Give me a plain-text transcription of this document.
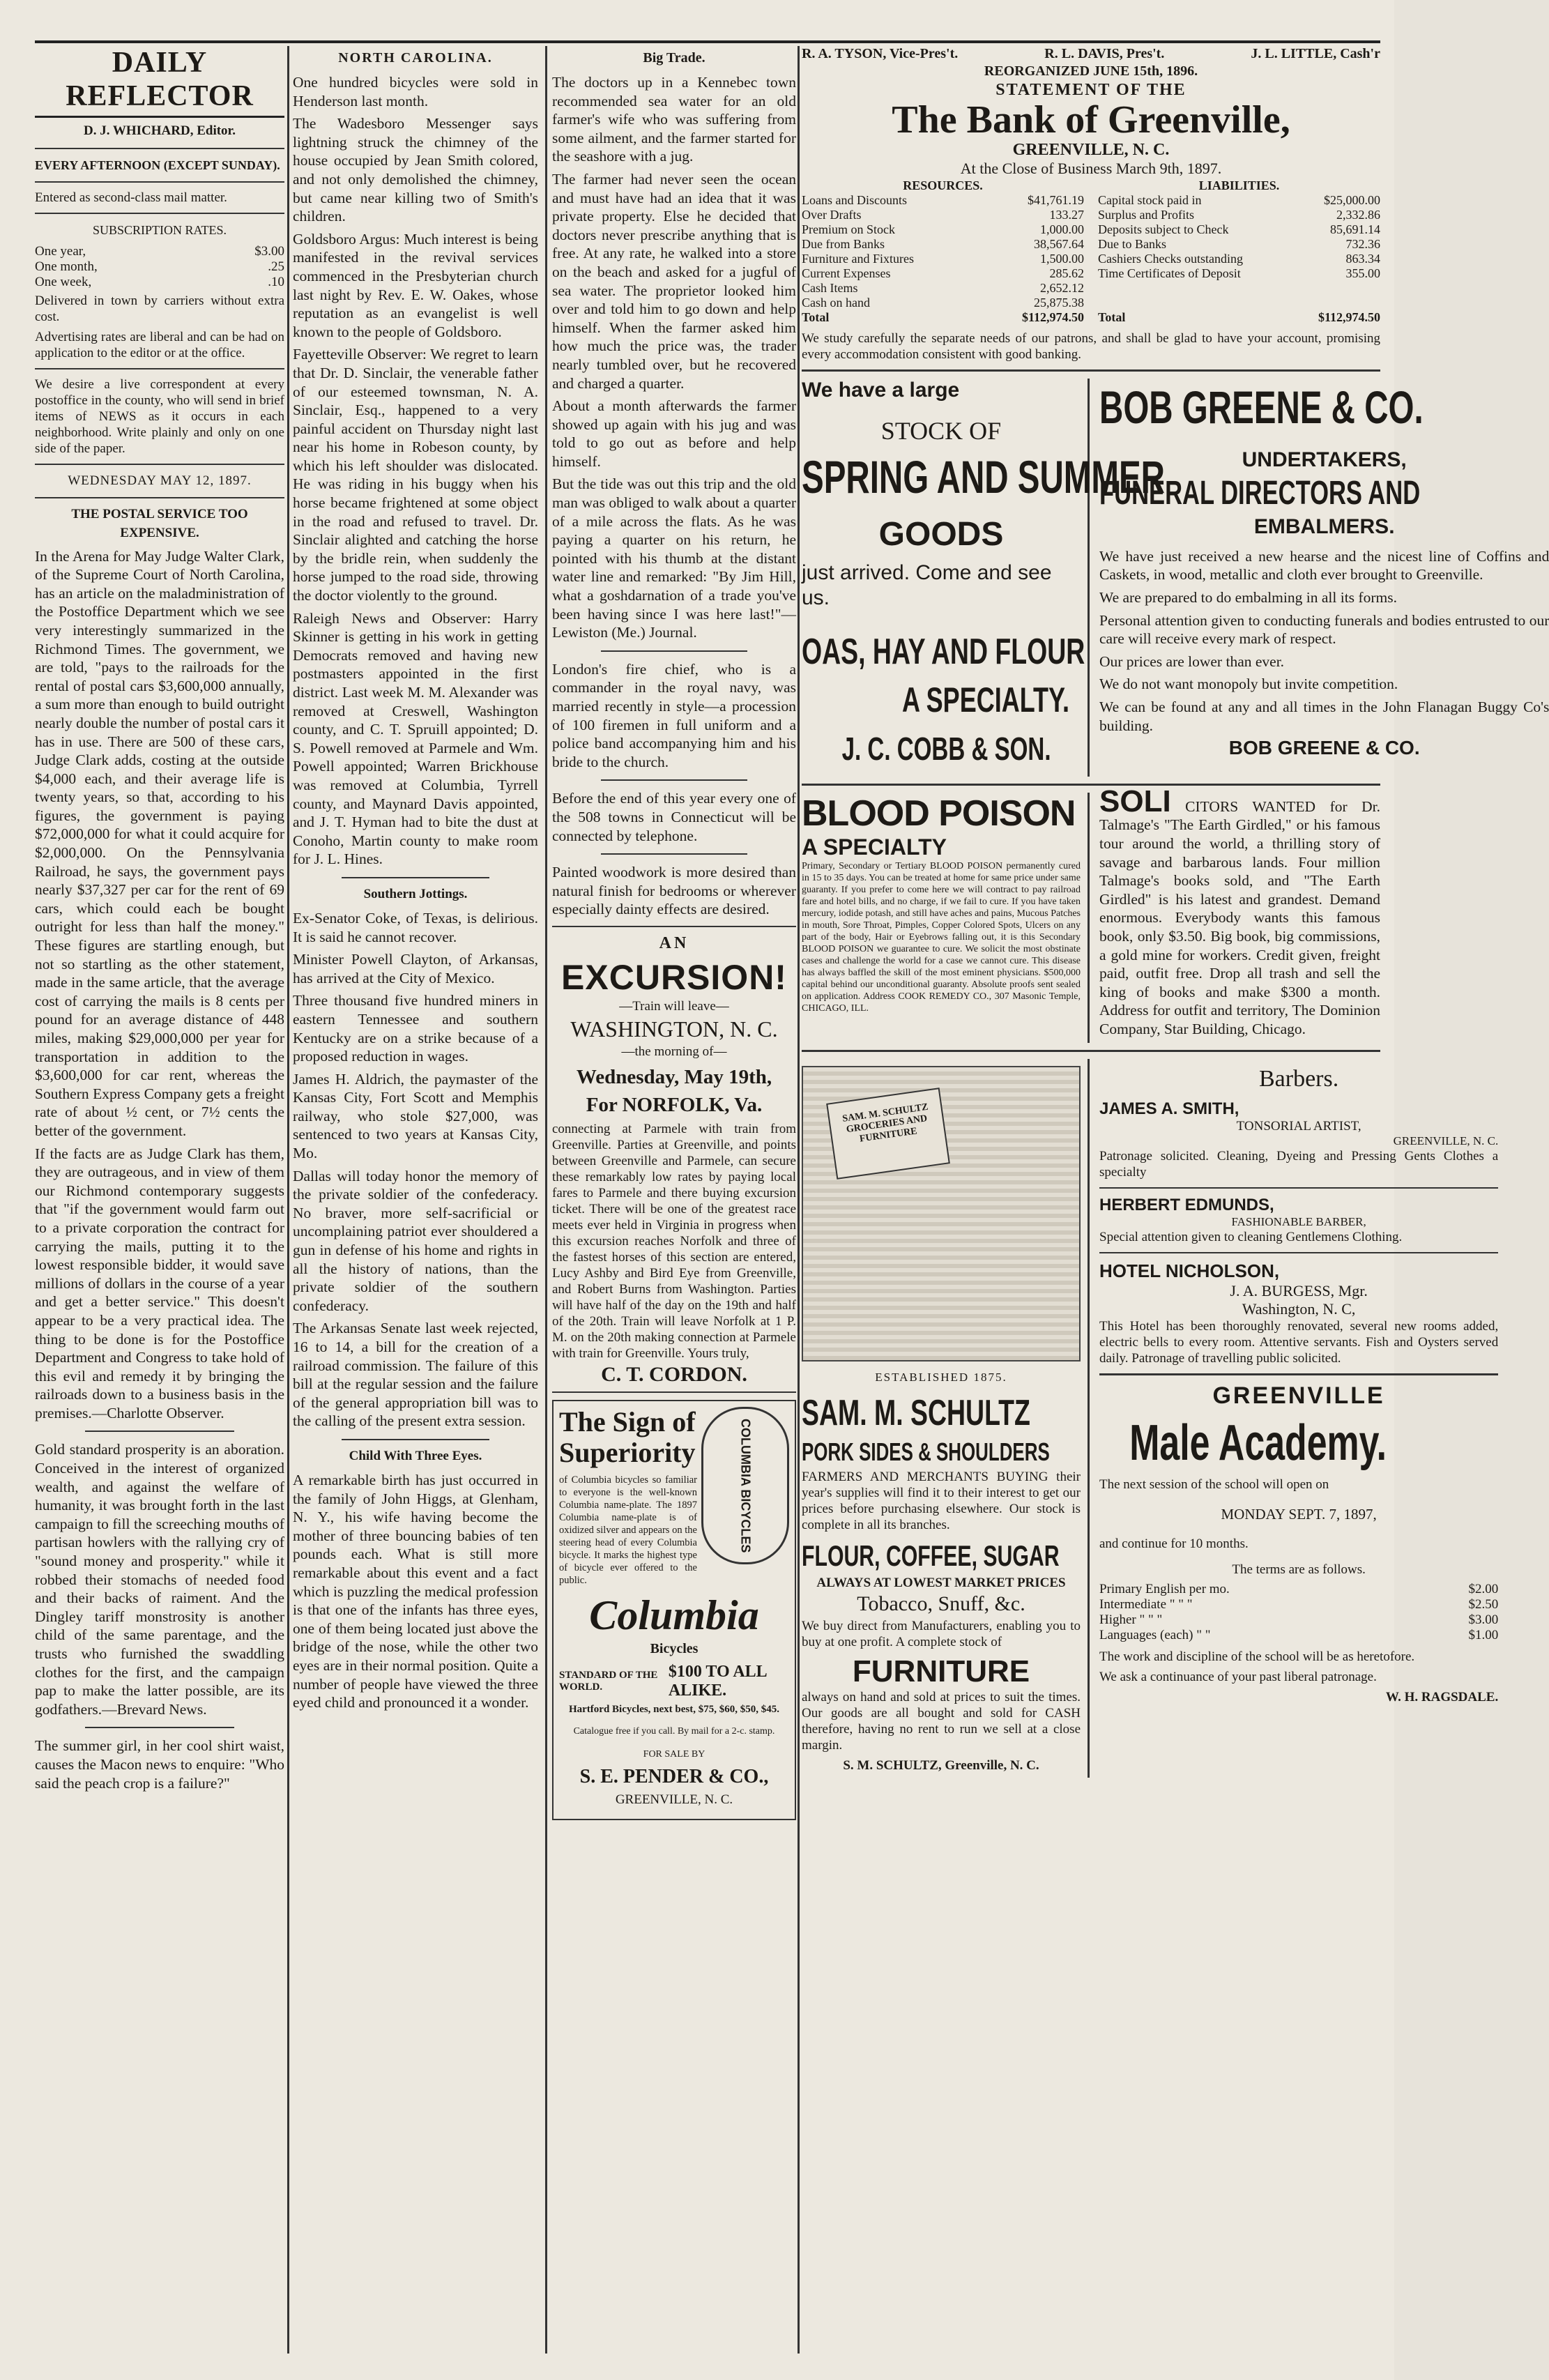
DAILY REFLECTOR

D. J. WHICHARD, Editor.

EVERY AFTERNOON (EXCEPT SUNDAY).

Entered as second-class mail matter.

SUBSCRIPTION RATES.

One year,	$3.00
One month,	.25
One week,	.10

Delivered in town by carriers without extra cost.

Advertising rates are liberal and can be had on application to the editor or at the office.

We desire a live correspondent at every postoffice in the county, who will send in brief items of NEWS as it occurs in each neighborhood. Write plainly and only on one side of the paper.

WEDNESDAY MAY 12, 1897.

THE POSTAL SERVICE TOO EXPENSIVE.

In the Arena for May Judge Walter Clark, of the Supreme Court of North Carolina, has an article on the maladministration of the Postoffice Department which we see very interestingly summarized in the Richmond Times. The government, we are told, "pays to the railroads for the rental of postal cars $3,600,000 annually, a sum more than enough to build outright nearly double the number of postal cars it has in use. There are 500 of these cars, Judge Clark adds, costing at the outside $4,000 each, and their average life is twenty years, so that, according to his figures, the government is paying $72,000,000 for what it could acquire for $2,000,000. On the Pennsylvania Railroad, he says, the government pays nearly $37,327 per car for the rent of 69 cars, which could each be bought outright for less than half the money." These figures are startling enough, but not so startling as the other statement, made in the same article, that the average cost of carrying the mails is 8 cents per pound for an average distance of 448 miles, making $29,000,000 per year for transportation in addition to the $3,600,000 for car rent, whereas the Southern Express Company gets a freight rate of about ½ cent, or 7½ cents the better of the government.

If the facts are as Judge Clark has them, they are outrageous, and in view of them our Richmond contemporary suggests that "if the government would farm out to a private corporation the contract for carrying the mails, putting it to the lowest responsible bidder, it would save millions of dollars in the course of a year and get a better service." This doesn't appear to be a very practical idea. The thing to be done is for the Postoffice Department and Congress to take hold of this evil and remedy it by bringing the railroads down to a business basis in the premises.—Charlotte Observer.

Gold standard prosperity is an aboration. Conceived in the interest of organized wealth, and against the welfare of humanity, it was brought forth in the last campaign to fill the screeching mouths of partisan howlers with the rallying cry of "sound money and prosperity." while it robbed their stomachs of needed food and their backs of raiment. And the Dingley tariff monstrosity is another child of the same parentage, and the trusts who furnished the swaddling clothes for the first, and the campaign pap to make the latter possible, are its godfathers.—Brevard News.

The summer girl, in her cool shirt waist, causes the Macon news to enquire: "Who said the peach crop is a failure?"

NORTH CAROLINA.

One hundred bicycles were sold in Henderson last month.

The Wadesboro Messenger says lightning struck the chimney of the house occupied by Jean Smith colored, and not only demolished the chimney, but came near killing two of Smith's children.

Goldsboro Argus: Much interest is being manifested in the revival services commenced in the Presbyterian church last night by Rev. E. W. Oakes, whose reputation as an evangelist is well known to the people of Goldsboro.

Fayetteville Observer: We regret to learn that Dr. D. Sinclair, the venerable father of our esteemed townsman, N. A. Sinclair, Esq., happened to a very painful accident on Thursday night last near his home in Robeson county, by which his left shoulder was dislocated. He was riding in his buggy when his horse became frightened at some object in the road and refused to travel. Dr. Sinclair alighted and catching the horse by the bridle rein, when suddenly the horse jumped to the road side, throwing the doctor violently to the ground.

Raleigh News and Observer: Harry Skinner is getting in his work in getting Democrats removed and having new postmasters appointed in the first district. Last week M. M. Alexander was removed at Creswell, Washington county, and C. T. Spruill appointed; D. S. Powell removed at Parmele and Wm. Powell appointed; Warren Brickhouse was removed at Columbia, Tyrrell county, and Maynard Davis appointed, and J. T. Hyman had to bite the dust at Conoho, Martin county to make room for J. L. Hines.

Southern Jottings.

Ex-Senator Coke, of Texas, is delirious. It is said he cannot recover.

Minister Powell Clayton, of Arkansas, has arrived at the City of Mexico.

Three thousand five hundred miners in eastern Tennessee and southern Kentucky are on a strike because of a proposed reduction in wages.

James H. Aldrich, the paymaster of the Kansas City, Fort Scott and Memphis railway, who stole $27,000, was sentenced to two years at Kansas City, Mo.

Dallas will today honor the memory of the private soldier of the confederacy. No braver, more self-sacrificial or uncomplaining patriot ever shouldered a gun in defense of his home and rights in all the history of nations, than the private soldier of the southern confederacy.

The Arkansas Senate last week rejected, 16 to 14, a bill for the creation of a railroad commission. The failure of this bill at the regular session and the failure of the general appropriation bill was to the calling of the present extra session.

Child With Three Eyes.

A remarkable birth has just occurred in the family of John Higgs, at Glenham, N. Y., his wife having become the mother of three bouncing babies of ten pounds each. What is still more remarkable about this event and a fact which is puzzling the medical profession is that one of the infants has three eyes, one of them being located just above the bridge of the nose, while the other two eyes are in their normal position. Quite a number of people have viewed the three eyed child and pronounced it a wonder.

Big Trade.

The doctors up in a Kennebec town recommended sea water for an old farmer's wife who was suffering from some ailment, and the farmer started for the seashore with a jug.

The farmer had never seen the ocean and must have had an idea that it was private property. Else he decided that doctors never prescribe anything that is free. At any rate, he walked into a store on the beach and asked for a jugful of sea water. The proprietor looked him over and told him to go down and help himself. When the farmer asked him how much the price was, the trader nearly tumbled over, but he recovered and charged a quarter.

About a month afterwards the farmer showed up again with his jug and was told to go out as before and help himself.

But the tide was out this trip and the old man was obliged to walk about a quarter of a mile across the flats. As he was paying a quarter on his return, he pointed with his thumb at the distant water line and remarked: "By Jim Hill, what a goshdarnation of a trade you've been having since I was here last!"—Lewiston (Me.) Journal.

London's fire chief, who is a commander in the royal navy, was married recently in style—a procession of 100 firemen in full uniform and a police band accompanying him and his bride to the church.

Before the end of this year every one of the 508 towns in Connecticut will be connected by telephone.

Painted woodwork is more desired than natural finish for bedrooms or wherever especially dainty effects are desired.

AN

EXCURSION!

—Train will leave—

WASHINGTON, N. C.

—the morning of—

Wednesday, May 19th,

For NORFOLK, Va.

connecting at Parmele with train from Greenville. Parties at Greenville, and points between Greenville and Parmele, can secure these remarkably low rates by paying local fares to Parmele and there buying excursion ticket. There will be one of the greatest race meets ever held in Virginia in progress when this excursion reaches Norfolk and three of the fastest horses of this section are entered, Lucy Ashby and Bird Eye from Greenville, and Robert Burns from Washington. Parties will have half of the day on the 19th and half of the 20th. Train will leave Norfolk at 1 P. M. on the 20th making connection at Parmele with train for Greenville. Yours truly,

C. T. CORDON.

The Sign of
Superiority

of Columbia bicycles so familiar to everyone is the well-known Columbia name-plate. The 1897 Columbia name-plate is of oxidized silver and appears on the steering head of every Columbia bicycle. It marks the highest type of bicycle ever offered to the public.

COLUMBIA BICYCLES
Columbia

Bicycles

STANDARD OF THE WORLD.
$100 TO ALL ALIKE.

Hartford Bicycles, next best, $75, $60, $50, $45.

Catalogue free if you call. By mail for a 2-c. stamp.

FOR SALE BY

S. E. PENDER & CO.,

GREENVILLE, N. C.

R. A. TYSON, Vice-Pres't.	R. L. DAVIS, Pres't.	J. L. LITTLE, Cash'r

REORGANIZED JUNE 15th, 1896.

STATEMENT OF THE

The Bank of Greenville,
GREENVILLE, N. C.

At the Close of Business March 9th, 1897.

RESOURCES.
Loans and Discounts	$41,761.19
Over Drafts	133.27
Premium on Stock	1,000.00
Due from Banks	38,567.64
Furniture and Fixtures	1,500.00
Current Expenses	285.62
Cash Items	2,652.12
Cash on hand	25,875.38
Total	$112,974.50
LIABILITIES.
Capital stock paid in	$25,000.00
Surplus and Profits	2,332.86
Deposits subject to Check	85,691.14
Due to Banks	732.36
Cashiers Checks outstanding	863.34
Time Certificates of Deposit	355.00
Total	$112,974.50

We study carefully the separate needs of our patrons, and shall be glad to have your account, promising every accommodation consistent with good banking.

We have a large
STOCK OF
SPRING AND SUMMER
GOODS
just arrived. Come and see us.
OAS, HAY AND FLOUR
A SPECIALTY.
J. C. COBB & SON.
BOB GREENE & CO.
UNDERTAKERS,
FUNERAL DIRECTORS AND
EMBALMERS.

We have just received a new hearse and the nicest line of Coffins and Caskets, in wood, metallic and cloth ever brought to Greenville.

We are prepared to do embalming in all its forms.

Personal attention given to conducting funerals and bodies entrusted to our care will receive every mark of respect.

Our prices are lower than ever.

We do not want monopoly but invite competition.

We can be found at any and all times in the John Flanagan Buggy Co's building.

BOB GREENE & CO.

BLOOD POISON
A SPECIALTY

Primary, Secondary or Tertiary BLOOD POISON permanently cured in 15 to 35 days. You can be treated at home for same price under same guaranty. If you prefer to come here we will contract to pay railroad fare and hotel bills, and no charge, if we fail to cure. If you have taken mercury, iodide potash, and still have aches and pains, Mucous Patches in mouth, Sore Throat, Pimples, Copper Colored Spots, Ulcers on any part of the body, Hair or Eyebrows falling out, it is this Secondary BLOOD POISON we guarantee to cure. We solicit the most obstinate cases and challenge the world for a case we cannot cure. This disease has always baffled the skill of the most eminent physicians. $500,000 capital behind our unconditional guaranty. Absolute proofs sent sealed on application. Address COOK REMEDY CO., 307 Masonic Temple, CHICAGO, ILL.

SOLI CITORS WANTED for Dr. Talmage's "The Earth Girdled," or his famous tour around the world, a thrilling story of savage and barbarous lands. Four million Talmage's books sold, and "The Earth Girdled" is his latest and grandest. Demand enormous. Everybody wants this famous book, only $3.50. Big book, big commissions, a gold mine for workers. Credit given, freight paid, outfit free. Drop all trash and sell the king of books and make $300 a month. Address for outfit and territory, The Dominion Company, Star Building, Chicago.

SAM. M. SCHULTZ GROCERIES AND FURNITURE

ESTABLISHED 1875.

SAM. M. SCHULTZ
PORK SIDES & SHOULDERS

FARMERS AND MERCHANTS BUYING their year's supplies will find it to their interest to get our prices before purchasing elsewhere. Our stock is complete in all its branches.

FLOUR, COFFEE, SUGAR

ALWAYS AT LOWEST MARKET PRICES

Tobacco, Snuff, &c.

We buy direct from Manufacturers, enabling you to buy at one profit. A complete stock of

FURNITURE

always on hand and sold at prices to suit the times. Our goods are all bought and sold for CASH therefore, having no rent to run we sell at a close margin.

S. M. SCHULTZ, Greenville, N. C.

Barbers.
JAMES A. SMITH,
TONSORIAL ARTIST,
GREENVILLE, N. C.

Patronage solicited. Cleaning, Dyeing and Pressing Gents Clothes a specialty

HERBERT EDMUNDS,
FASHIONABLE BARBER,

Special attention given to cleaning Gentlemens Clothing.

HOTEL NICHOLSON,
J. A. BURGESS, Mgr.
Washington, N. C,

This Hotel has been thoroughly renovated, several new rooms added, electric bells to every room. Attentive servants. Fish and Oysters served daily. Patronage of travelling public solicited.

GREENVILLE
Male Academy.

The next session of the school will open on

MONDAY SEPT. 7, 1897,

and continue for 10 months.

The terms are as follows.

Primary English per mo.	$2.00
Intermediate " " "	$2.50
Higher " " "	$3.00
Languages (each) " "	$1.00

The work and discipline of the school will be as heretofore.

We ask a continuance of your past liberal patronage.

W. H. RAGSDALE.
